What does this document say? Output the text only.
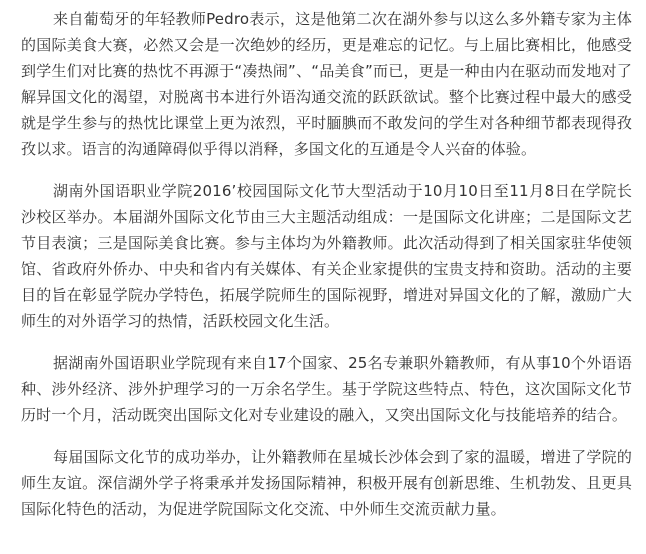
来自葡萄牙的年轻教师Pedro表示，这是他第二次在湖外参与以这么多外籍专家为主体的国际美食大赛，必然又会是一次绝妙的经历，更是难忘的记忆。与上届比赛相比，他感受到学生们对比赛的热忱不再源于“凑热闹”、“品美食”而已，更是一种由内在驱动而发地对了解异国文化的渴望，对脱离书本进行外语沟通交流的跃跃欲试。整个比赛过程中最大的感受就是学生参与的热忱比课堂上更为浓烈，平时腼腆而不敢发问的学生对各种细节都表现得孜孜以求。语言的沟通障碍似乎得以消释，多国文化的互通是令人兴奋的体验。

湖南外国语职业学院2016’校园国际文化节大型活动于10月10日至11月8日在学院长沙校区举办。本届湖外国际文化节由三大主题活动组成：一是国际文化讲座；二是国际文艺节目表演；三是国际美食比赛。参与主体均为外籍教师。此次活动得到了相关国家驻华使领馆、省政府外侨办、中央和省内有关媒体、有关企业家提供的宝贵支持和资助。活动的主要目的旨在彰显学院办学特色，拓展学院师生的国际视野，增进对异国文化的了解，激励广大师生的对外语学习的热情，活跃校园文化生活。

据湖南外国语职业学院现有来自17个国家、25名专兼职外籍教师，有从事10个外语语种、涉外经济、涉外护理学习的一万余名学生。基于学院这些特点、特色，这次国际文化节历时一个月，活动既突出国际文化对专业建设的融入，又突出国际文化与技能培养的结合。

每届国际文化节的成功举办，让外籍教师在星城长沙体会到了家的温暖，增进了学院的师生友谊。深信湖外学子将秉承并发扬国际精神，积极开展有创新思维、生机勃发、且更具国际化特色的活动，为促进学院国际文化交流、中外师生交流贡献力量。
